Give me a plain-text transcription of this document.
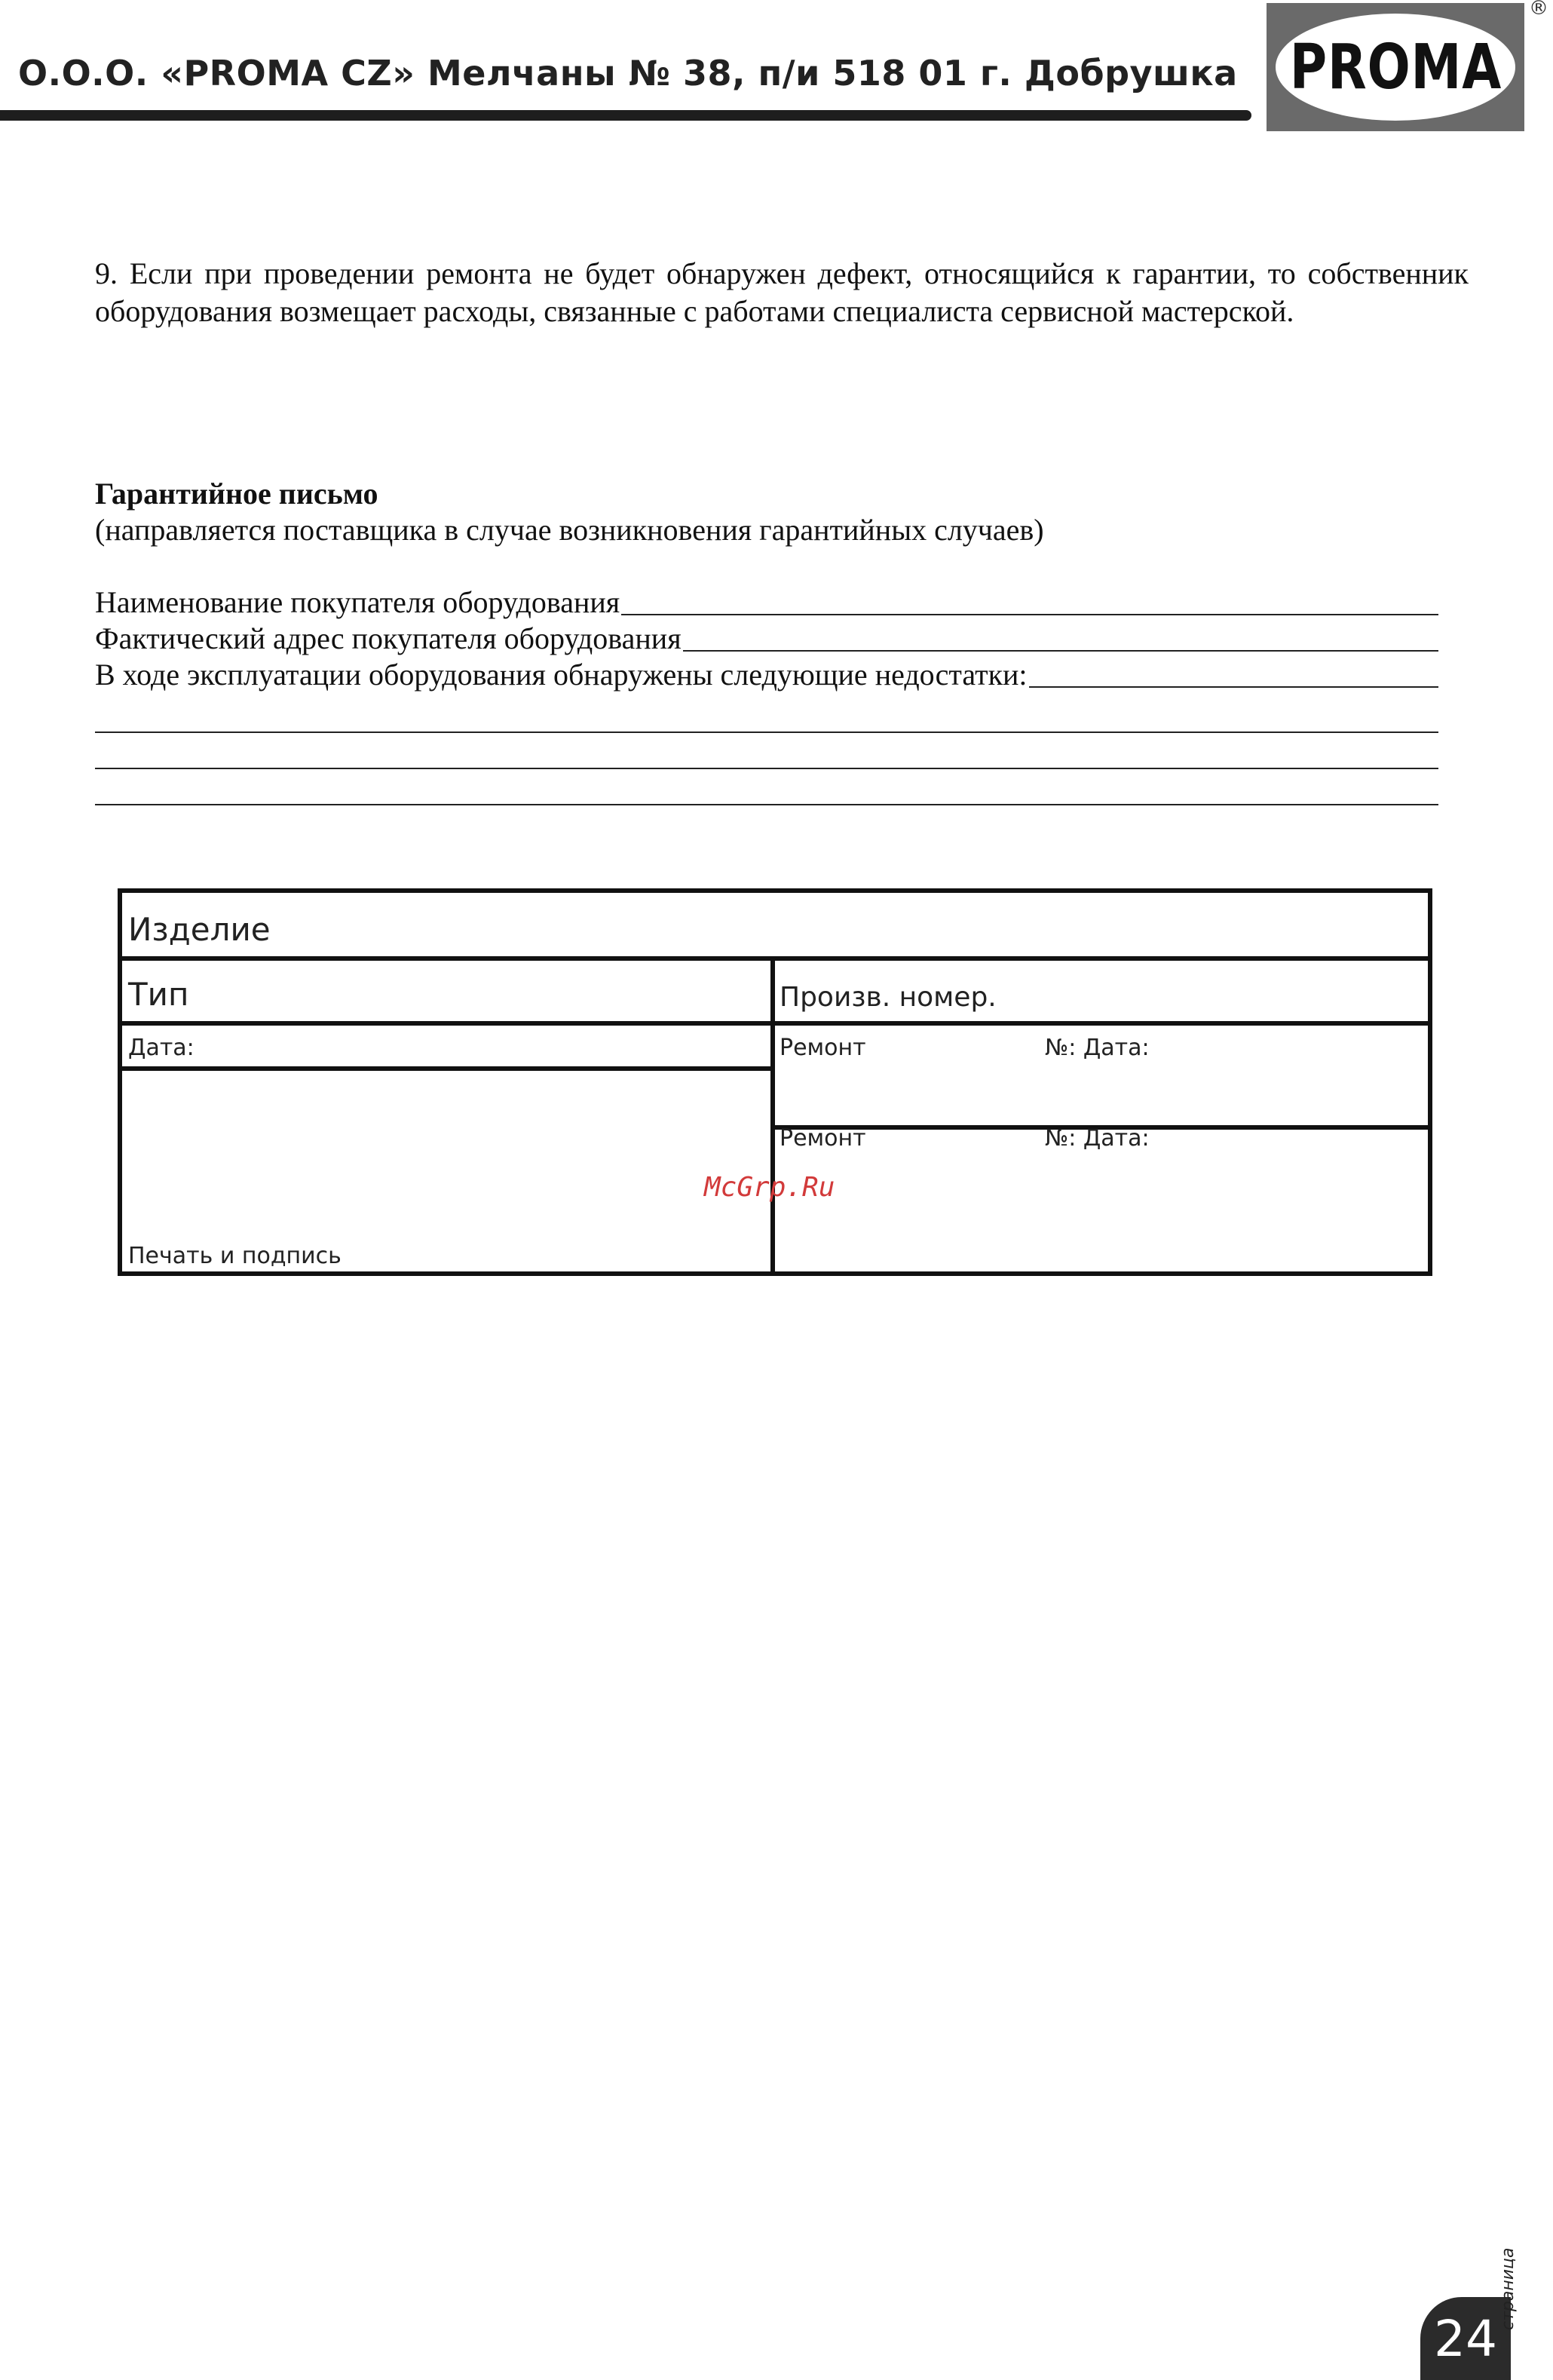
О.О.О. «PROMA CZ» Мелчаны № 38, п/и 518 01 г. Добрушка PROMA
®
9. Если при проведении ремонта не будет обнаружен дефект, относящийся к гарантии, то собственник оборудования возмещает расходы, связанные с работами специалиста сервисной мастерской.
Гарантийное письмо
(направляется поставщика в случае возникновения гарантийных случаев)
Наименование покупателя оборудования
Фактический адрес покупателя оборудования
В ходе эксплуатации оборудования обнаружены следующие недостатки:
Изделие
Тип	Произв. номер.
Дата:	Ремонт	№: Дата:
Ремонт	№: Дата:
Печать и подпись
McGrp.Ru
24
страница
